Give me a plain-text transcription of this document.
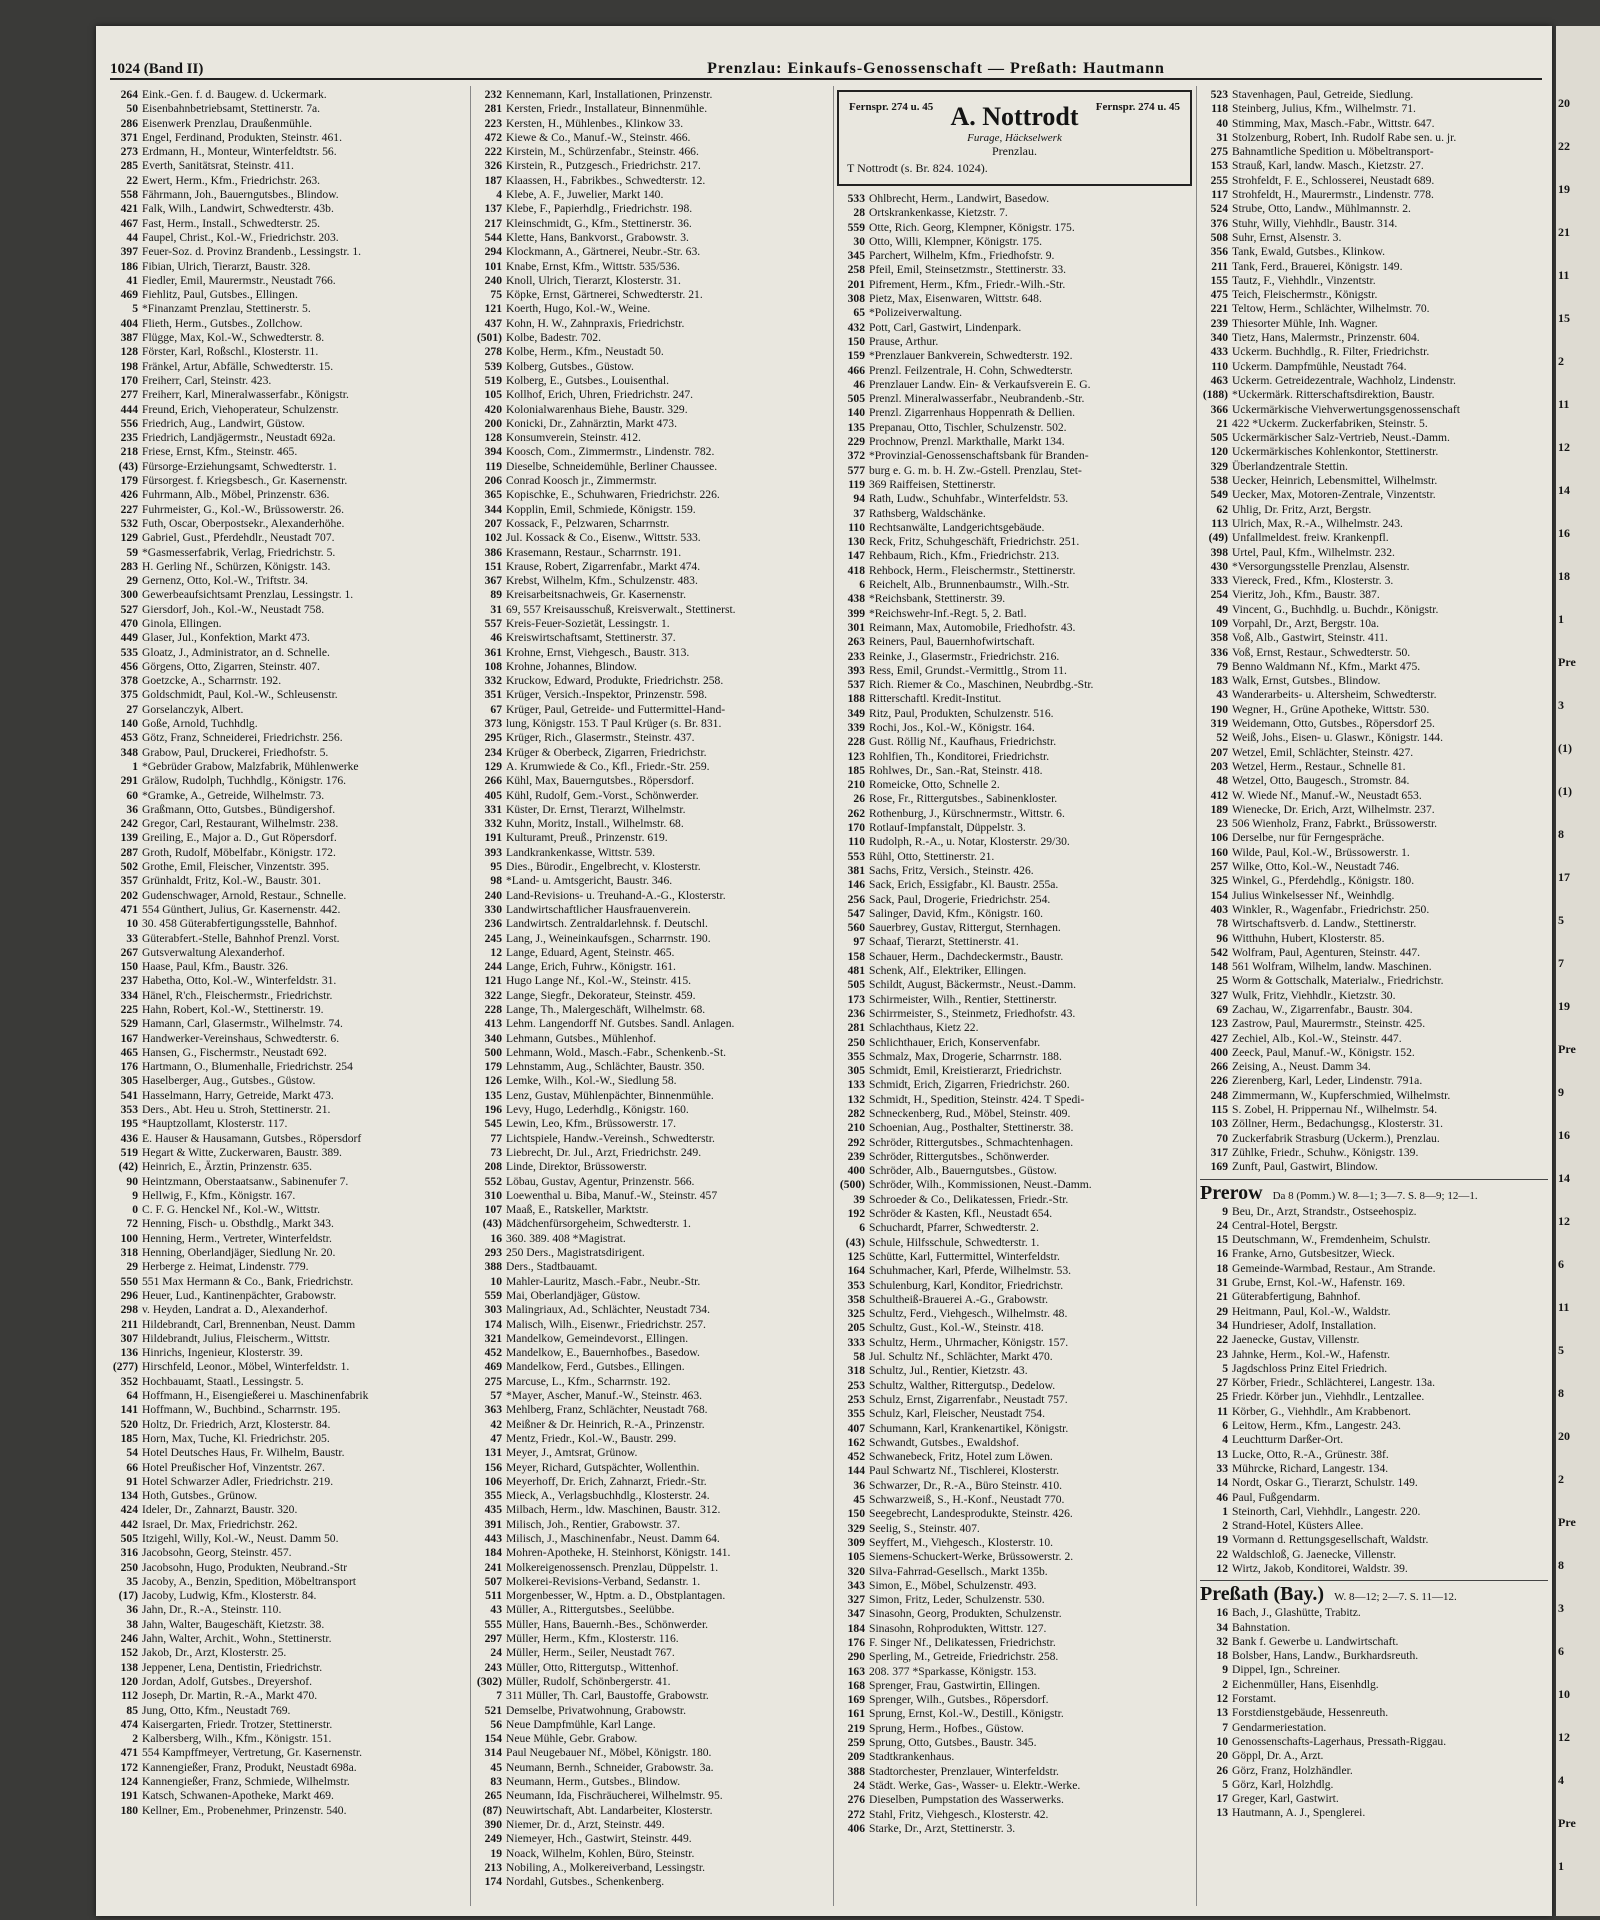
1024 (Band II)	Prenzlau: Einkaufs-Genossenschaft — Preßath: Hautmann
264 Eink.-Gen. f. d. Baugew. d. Uckermark.
50 Eisenbahnbetriebsamt, Stettinerstr. 7a.
286 Eisenwerk Prenzlau, Draußenmühle.
371 Engel, Ferdinand, Produkten, Steinstr. 461.
273 Erdmann, H., Monteur, Winterfeldtstr. 56.
285 Everth, Sanitätsrat, Steinstr. 411.
22 Ewert, Herm., Kfm., Friedrichstr. 263.
558 Fährmann, Joh., Bauerngutsbes., Blindow.
421 Falk, Wilh., Landwirt, Schwedterstr. 43b.
467 Fast, Herm., Install., Schwedterstr. 25.
44 Faupel, Christ., Kol.-W., Friedrichstr. 203.
397 Feuer-Soz. d. Provinz Brandenb., Lessingstr. 1.
186 Fibian, Ulrich, Tierarzt, Baustr. 328.
41 Fiedler, Emil, Maurermstr., Neustadt 766.
469 Fiehlitz, Paul, Gutsbes., Ellingen.
5 *Finanzamt Prenzlau, Stettinerstr. 5.
404 Flieth, Herm., Gutsbes., Zollchow.
387 Flügge, Max, Kol.-W., Schwedterstr. 8.
128 Förster, Karl, Roßschl., Klosterstr. 11.
198 Fränkel, Artur, Abfälle, Schwedterstr. 15.
170 Freiherr, Carl, Steinstr. 423.
277 Freiherr, Karl, Mineralwasserfabr., Königstr.
444 Freund, Erich, Viehoperateur, Schulzenstr.
556 Friedrich, Aug., Landwirt, Güstow.
235 Friedrich, Landjägermstr., Neustadt 692a.
218 Friese, Ernst, Kfm., Steinstr. 465.
(43) Fürsorge-Erziehungsamt, Schwedterstr. 1.
179 Fürsorgest. f. Kriegsbesch., Gr. Kasernenstr.
426 Fuhrmann, Alb., Möbel, Prinzenstr. 636.
227 Fuhrmeister, G., Kol.-W., Brüssowerstr. 26.
532 Futh, Oscar, Oberpostsekr., Alexanderhöhe.
129 Gabriel, Gust., Pferdehdlr., Neustadt 707.
59 *Gasmesserfabrik, Verlag, Friedrichstr. 5.
283 H. Gerling Nf., Schürzen, Königstr. 143.
29 Gernenz, Otto, Kol.-W., Triftstr. 34.
300 Gewerbeaufsichtsamt Prenzlau, Lessingstr. 1.
527 Giersdorf, Joh., Kol.-W., Neustadt 758.
470 Ginola, Ellingen.
449 Glaser, Jul., Konfektion, Markt 473.
535 Gloatz, J., Administrator, an d. Schnelle.
456 Görgens, Otto, Zigarren, Steinstr. 407.
378 Goetzcke, A., Scharrnstr. 192.
375 Goldschmidt, Paul, Kol.-W., Schleusenstr.
27 Gorselanczyk, Albert.
140 Goße, Arnold, Tuchhdlg.
453 Götz, Franz, Schneiderei, Friedrichstr. 256.
348 Grabow, Paul, Druckerei, Friedhofstr. 5.
1 *Gebrüder Grabow, Malzfabrik, Mühlenwerke
291 Grälow, Rudolph, Tuchhdlg., Königstr. 176.
60 *Gramke, A., Getreide, Wilhelmstr. 73.
36 Graßmann, Otto, Gutsbes., Bündigershof.
242 Gregor, Carl, Restaurant, Wilhelmstr. 238.
139 Greiling, E., Major a. D., Gut Röpersdorf.
287 Groth, Rudolf, Möbelfabr., Königstr. 172.
502 Grothe, Emil, Fleischer, Vinzentstr. 395.
357 Grünhaldt, Fritz, Kol.-W., Baustr. 301.
202 Gudenschwager, Arnold, Restaur., Schnelle.
471 554 Günthert, Julius, Gr. Kasernenstr. 442.
10 30. 458 Güterabfertigungsstelle, Bahnhof.
33 Güterabfert.-Stelle, Bahnhof Prenzl. Vorst.
267 Gutsverwaltung Alexanderhof.
150 Haase, Paul, Kfm., Baustr. 326.
237 Habetha, Otto, Kol.-W., Winterfeldstr. 31.
334 Hänel, R'ch., Fleischermstr., Friedrichstr.
225 Hahn, Robert, Kol.-W., Stettinerstr. 19.
529 Hamann, Carl, Glasermstr., Wilhelmstr. 74.
167 Handwerker-Vereinshaus, Schwedterstr. 6.
465 Hansen, G., Fischermstr., Neustadt 692.
176 Hartmann, O., Blumenhalle, Friedrichstr. 254
305 Haselberger, Aug., Gutsbes., Güstow.
541 Hasselmann, Harry, Getreide, Markt 473.
353 Ders., Abt. Heu u. Stroh, Stettinerstr. 21.
195 *Hauptzollamt, Klosterstr. 117.
436 E. Hauser & Hausamann, Gutsbes., Röpersdorf
519 Hegart & Witte, Zuckerwaren, Baustr. 389.
(42) Heinrich, E., Ärztin, Prinzenstr. 635.
90 Heintzmann, Oberstaatsanw., Sabinenufer 7.
9 Hellwig, F., Kfm., Königstr. 167.
0 C. F. G. Henckel Nf., Kol.-W., Wittstr.
72 Henning, Fisch- u. Obsthdlg., Markt 343.
100 Henning, Herm., Vertreter, Winterfeldstr.
318 Henning, Oberlandjäger, Siedlung Nr. 20.
29 Herberge z. Heimat, Lindenstr. 779.
550 551 Max Hermann & Co., Bank, Friedrichstr.
296 Heuer, Lud., Kantinenpächter, Grabowstr.
298 v. Heyden, Landrat a. D., Alexanderhof.
211 Hildebrandt, Carl, Brennenban, Neust. Damm
307 Hildebrandt, Julius, Fleischerm., Wittstr.
136 Hinrichs, Ingenieur, Klosterstr. 39.
(277) Hirschfeld, Leonor., Möbel, Winterfeldstr. 1.
352 Hochbauamt, Staatl., Lessingstr. 5.
64 Hoffmann, H., Eisengießerei u. Maschinenfabrik
141 Hoffmann, W., Buchbind., Scharrnstr. 195.
520 Holtz, Dr. Friedrich, Arzt, Klosterstr. 84.
185 Horn, Max, Tuche, Kl. Friedrichstr. 205.
54 Hotel Deutsches Haus, Fr. Wilhelm, Baustr.
66 Hotel Preußischer Hof, Vinzentstr. 267.
91 Hotel Schwarzer Adler, Friedrichstr. 219.
134 Hoth, Gutsbes., Grünow.
424 Ideler, Dr., Zahnarzt, Baustr. 320.
442 Israel, Dr. Max, Friedrichstr. 262.
505 Itzigehl, Willy, Kol.-W., Neust. Damm 50.
316 Jacobsohn, Georg, Steinstr. 457.
250 Jacobsohn, Hugo, Produkten, Neubrand.-Str
35 Jacoby, A., Benzin, Spedition, Möbeltransport
(17) Jacoby, Ludwig, Kfm., Klosterstr. 84.
36 Jahn, Dr., R.-A., Steinstr. 110.
38 Jahn, Walter, Baugeschäft, Kietzstr. 38.
246 Jahn, Walter, Archit., Wohn., Stettinerstr.
152 Jakob, Dr., Arzt, Klosterstr. 25.
138 Jeppener, Lena, Dentistin, Friedrichstr.
120 Jordan, Adolf, Gutsbes., Dreyershof.
112 Joseph, Dr. Martin, R.-A., Markt 470.
85 Jung, Otto, Kfm., Neustadt 769.
474 Kaisergarten, Friedr. Trotzer, Stettinerstr.
2 Kalbersberg, Wilh., Kfm., Königstr. 151.
471 554 Kampffmeyer, Vertretung, Gr. Kasernenstr.
172 Kannengießer, Franz, Produkt, Neustadt 698a.
124 Kannengießer, Franz, Schmiede, Wilhelmstr.
191 Katsch, Schwanen-Apotheke, Markt 469.
180 Kellner, Em., Probenehmer, Prinzenstr. 540.
232 Kennemann, Karl, Installationen, Prinzenstr.
281 Kersten, Friedr., Installateur, Binnenmühle.
223 Kersten, H., Mühlenbes., Klinkow 33.
472 Kiewe & Co., Manuf.-W., Steinstr. 466.
222 Kirstein, M., Schürzenfabr., Steinstr. 466.
326 Kirstein, R., Putzgesch., Friedrichstr. 217.
187 Klaassen, H., Fabrikbes., Schwedterstr. 12.
4 Klebe, A. F., Juwelier, Markt 140.
137 Klebe, F., Papierhdlg., Friedrichstr. 198.
217 Kleinschmidt, G., Kfm., Stettinerstr. 36.
544 Klette, Hans, Bankvorst., Grabowstr. 3.
294 Klockmann, A., Gärtnerei, Neubr.-Str. 63.
101 Knabe, Ernst, Kfm., Wittstr. 535/536.
240 Knoll, Ulrich, Tierarzt, Klosterstr. 31.
75 Köpke, Ernst, Gärtnerei, Schwedterstr. 21.
121 Koerth, Hugo, Kol.-W., Weine.
437 Kohn, H. W., Zahnpraxis, Friedrichstr.
(501) Kolbe, Badestr. 702.
278 Kolbe, Herm., Kfm., Neustadt 50.
539 Kolberg, Gutsbes., Güstow.
519 Kolberg, E., Gutsbes., Louisenthal.
105 Kollhof, Erich, Uhren, Friedrichstr. 247.
420 Kolonialwarenhaus Biehe, Baustr. 329.
200 Konicki, Dr., Zahnärztin, Markt 473.
128 Konsumverein, Steinstr. 412.
394 Koosch, Com., Zimmermstr., Lindenstr. 782.
119 Dieselbe, Schneidemühle, Berliner Chaussee.
206 Conrad Koosch jr., Zimmermstr.
365 Kopischke, E., Schuhwaren, Friedrichstr. 226.
344 Kopplin, Emil, Schmiede, Königstr. 159.
207 Kossack, F., Pelzwaren, Scharrnstr.
102 Jul. Kossack & Co., Eisenw., Wittstr. 533.
386 Krasemann, Restaur., Scharrnstr. 191.
151 Krause, Robert, Zigarrenfabr., Markt 474.
367 Krebst, Wilhelm, Kfm., Schulzenstr. 483.
89 Kreisarbeitsnachweis, Gr. Kasernenstr.
31 69, 557 Kreisausschuß, Kreisverwalt., Stettinerst.
557 Kreis-Feuer-Sozietät, Lessingstr. 1.
46 Kreiswirtschaftsamt, Stettinerstr. 37.
361 Krohne, Ernst, Viehgesch., Baustr. 313.
108 Krohne, Johannes, Blindow.
332 Kruckow, Edward, Produkte, Friedrichstr. 258.
351 Krüger, Versich.-Inspektor, Prinzenstr. 598.
67 Krüger, Paul, Getreide- und Futtermittel-Hand-
373 lung, Königstr. 153. T Paul Krüger (s. Br. 831.
295 Krüger, Rich., Glasermstr., Steinstr. 437.
234 Krüger & Oberbeck, Zigarren, Friedrichstr.
129 A. Krumwiede & Co., Kfl., Friedr.-Str. 259.
266 Kühl, Max, Bauerngutsbes., Röpersdorf.
405 Kühl, Rudolf, Gem.-Vorst., Schönwerder.
331 Küster, Dr. Ernst, Tierarzt, Wilhelmstr.
332 Kuhn, Moritz, Install., Wilhelmstr. 68.
191 Kulturamt, Preuß., Prinzenstr. 619.
393 Landkrankenkasse, Wittstr. 539.
95 Dies., Bürodir., Engelbrecht, v. Klosterstr.
98 *Land- u. Amtsgericht, Baustr. 346.
240 Land-Revisions- u. Treuhand-A.-G., Klosterstr.
330 Landwirtschaftlicher Hausfrauenverein.
236 Landwirtsch. Zentraldarlehnsk. f. Deutschl.
245 Lang, J., Weineinkaufsgen., Scharrnstr. 190.
12 Lange, Eduard, Agent, Steinstr. 465.
244 Lange, Erich, Fuhrw., Königstr. 161.
121 Hugo Lange Nf., Kol.-W., Steinstr. 415.
322 Lange, Siegfr., Dekorateur, Steinstr. 459.
228 Lange, Th., Malergeschäft, Wilhelmstr. 68.
413 Lehm. Langendorff Nf. Gutsbes. Sandl. Anlagen.
340 Lehmann, Gutsbes., Mühlenhof.
500 Lehmann, Wold., Masch.-Fabr., Schenkenb.-St.
179 Lehnstamm, Aug., Schlächter, Baustr. 350.
126 Lemke, Wilh., Kol.-W., Siedlung 58.
135 Lenz, Gustav, Mühlenpächter, Binnenmühle.
196 Levy, Hugo, Lederhdlg., Königstr. 160.
545 Lewin, Leo, Kfm., Brüssowerstr. 17.
77 Lichtspiele, Handw.-Vereinsh., Schwedterstr.
73 Liebrecht, Dr. Jul., Arzt, Friedrichstr. 249.
208 Linde, Direktor, Brüssowerstr.
552 Löbau, Gustav, Agentur, Prinzenstr. 566.
310 Loewenthal u. Biba, Manuf.-W., Steinstr. 457
107 Maaß, E., Ratskeller, Marktstr.
(43) Mädchenfürsorgeheim, Schwedterstr. 1.
16 360. 389. 408 *Magistrat.
293 250 Ders., Magistratsdirigent.
388 Ders., Stadtbauamt.
10 Mahler-Lauritz, Masch.-Fabr., Neubr.-Str.
559 Mai, Oberlandjäger, Güstow.
303 Malingriaux, Ad., Schlächter, Neustadt 734.
174 Malisch, Wilh., Eisenwr., Friedrichstr. 257.
321 Mandelkow, Gemeindevorst., Ellingen.
452 Mandelkow, E., Bauernhofbes., Basedow.
469 Mandelkow, Ferd., Gutsbes., Ellingen.
275 Marcuse, L., Kfm., Scharrnstr. 192.
57 *Mayer, Ascher, Manuf.-W., Steinstr. 463.
363 Mehlberg, Franz, Schlächter, Neustadt 768.
42 Meißner & Dr. Heinrich, R.-A., Prinzenstr.
47 Mentz, Friedr., Kol.-W., Baustr. 299.
131 Meyer, J., Amtsrat, Grünow.
156 Meyer, Richard, Gutspächter, Wollenthin.
106 Meyerhoff, Dr. Erich, Zahnarzt, Friedr.-Str.
355 Mieck, A., Verlagsbuchhdlg., Klosterstr. 24.
435 Milbach, Herm., ldw. Maschinen, Baustr. 312.
391 Milisch, Joh., Rentier, Grabowstr. 37.
443 Milisch, J., Maschinenfabr., Neust. Damm 64.
184 Mohren-Apotheke, H. Steinhorst, Königstr. 141.
241 Molkereigenossensch. Prenzlau, Düppelstr. 1.
507 Molkerei-Revisions-Verband, Sedanstr. 1.
511 Morgenbesser, W., Hptm. a. D., Obstplantagen.
43 Müller, A., Rittergutsbes., Seelübbe.
555 Müller, Hans, Bauernh.-Bes., Schönwerder.
297 Müller, Herm., Kfm., Klosterstr. 116.
24 Müller, Herm., Seiler, Neustadt 767.
243 Müller, Otto, Rittergutsp., Wittenhof.
(302) Müller, Rudolf, Schönbergerstr. 41.
7 311 Müller, Th. Carl, Baustoffe, Grabowstr.
521 Demselbe, Privatwohnung, Grabowstr.
56 Neue Dampfmühle, Karl Lange.
154 Neue Mühle, Gebr. Grabow.
314 Paul Neugebauer Nf., Möbel, Königstr. 180.
45 Neumann, Bernh., Schneider, Grabowstr. 3a.
83 Neumann, Herm., Gutsbes., Blindow.
265 Neumann, Ida, Fischräucherei, Wilhelmstr. 95.
(87) Neuwirtschaft, Abt. Landarbeiter, Klosterstr.
390 Niemer, Dr. d., Arzt, Steinstr. 449.
249 Niemeyer, Hch., Gastwirt, Steinstr. 449.
19 Noack, Wilhelm, Kohlen, Büro, Steinstr.
213 Nobiling, A., Molkereiverband, Lessingstr.
174 Nordahl, Gutsbes., Schenkenberg.
Fernspr. 274 u. 45	Fernspr. 274 u. 45
A. Nottrodt
Furage, Häckselwerk
Prenzlau.
T Nottrodt (s. Br. 824. 1024).
533 Ohlbrecht, Herm., Landwirt, Basedow.
28 Ortskrankenkasse, Kietzstr. 7.
559 Otte, Rich. Georg, Klempner, Königstr. 175.
30 Otto, Willi, Klempner, Königstr. 175.
345 Parchert, Wilhelm, Kfm., Friedhofstr. 9.
258 Pfeil, Emil, Steinsetzmstr., Stettinerstr. 33.
201 Pifrement, Herm., Kfm., Friedr.-Wilh.-Str.
308 Pietz, Max, Eisenwaren, Wittstr. 648.
65 *Polizeiverwaltung.
432 Pott, Carl, Gastwirt, Lindenpark.
150 Prause, Arthur.
159 *Prenzlauer Bankverein, Schwedterstr. 192.
466 Prenzl. Feilzentrale, H. Cohn, Schwedterstr.
46 Prenzlauer Landw. Ein- & Verkaufsverein E. G.
505 Prenzl. Mineralwasserfabr., Neubrandenb.-Str.
140 Prenzl. Zigarrenhaus Hoppenrath & Dellien.
135 Prepanau, Otto, Tischler, Schulzenstr. 502.
229 Prochnow, Prenzl. Markthalle, Markt 134.
372 *Provinzial-Genossenschaftsbank für Branden-
577 burg e. G. m. b. H. Zw.-Gstell. Prenzlau, Stet-
119 369 Raiffeisen, Stettinerstr.
94 Rath, Ludw., Schuhfabr., Winterfeldstr. 53.
37 Rathsberg, Waldschänke.
110 Rechtsanwälte, Landgerichtsgebäude.
130 Reck, Fritz, Schuhgeschäft, Friedrichstr. 251.
147 Rehbaum, Rich., Kfm., Friedrichstr. 213.
418 Rehbock, Herm., Fleischermstr., Stettinerstr.
6 Reichelt, Alb., Brunnenbaumstr., Wilh.-Str.
438 *Reichsbank, Stettinerstr. 39.
399 *Reichswehr-Inf.-Regt. 5, 2. Batl.
301 Reimann, Max, Automobile, Friedhofstr. 43.
263 Reiners, Paul, Bauernhofwirtschaft.
233 Reinke, J., Glasermstr., Friedrichstr. 216.
393 Ress, Emil, Grundst.-Vermittlg., Strom 11.
537 Rich. Riemer & Co., Maschinen, Neubrdbg.-Str.
188 Ritterschaftl. Kredit-Institut.
349 Ritz, Paul, Produkten, Schulzenstr. 516.
339 Rochi, Jos., Kol.-W., Königstr. 164.
228 Gust. Röllig Nf., Kaufhaus, Friedrichstr.
123 Rohlfien, Th., Konditorei, Friedrichstr.
185 Rohlwes, Dr., San.-Rat, Steinstr. 418.
210 Romeicke, Otto, Schnelle 2.
26 Rose, Fr., Rittergutsbes., Sabinenkloster.
262 Rothenburg, J., Kürschnermstr., Wittstr. 6.
170 Rotlauf-Impfanstalt, Düppelstr. 3.
110 Rudolph, R.-A., u. Notar, Klosterstr. 29/30.
553 Rühl, Otto, Stettinerstr. 21.
381 Sachs, Fritz, Versich., Steinstr. 426.
146 Sack, Erich, Essigfabr., Kl. Baustr. 255a.
256 Sack, Paul, Drogerie, Friedrichstr. 254.
547 Salinger, David, Kfm., Königstr. 160.
560 Sauerbrey, Gustav, Rittergut, Sternhagen.
97 Schaaf, Tierarzt, Stettinerstr. 41.
158 Schauer, Herm., Dachdeckermstr., Baustr.
481 Schenk, Alf., Elektriker, Ellingen.
505 Schildt, August, Bäckermstr., Neust.-Damm.
173 Schirmeister, Wilh., Rentier, Stettinerstr.
236 Schirrmeister, S., Steinmetz, Friedhofstr. 43.
281 Schlachthaus, Kietz 22.
250 Schlichthauer, Erich, Konservenfabr.
355 Schmalz, Max, Drogerie, Scharrnstr. 188.
305 Schmidt, Emil, Kreistierarzt, Friedrichstr.
133 Schmidt, Erich, Zigarren, Friedrichstr. 260.
132 Schmidt, H., Spedition, Steinstr. 424. T Spedi-
282 Schneckenberg, Rud., Möbel, Steinstr. 409.
210 Schoenian, Aug., Posthalter, Stettinerstr. 38.
292 Schröder, Rittergutsbes., Schmachtenhagen.
239 Schröder, Rittergutsbes., Schönwerder.
400 Schröder, Alb., Bauerngutsbes., Güstow.
(500) Schröder, Wilh., Kommissionen, Neust.-Damm.
39 Schroeder & Co., Delikatessen, Friedr.-Str.
192 Schröder & Kasten, Kfl., Neustadt 654.
6 Schuchardt, Pfarrer, Schwedterstr. 2.
(43) Schule, Hilfsschule, Schwedterstr. 1.
125 Schütte, Karl, Futtermittel, Winterfeldstr.
164 Schuhmacher, Karl, Pferde, Wilhelmstr. 53.
353 Schulenburg, Karl, Konditor, Friedrichstr.
358 Schultheiß-Brauerei A.-G., Grabowstr.
325 Schultz, Ferd., Viehgesch., Wilhelmstr. 48.
205 Schultz, Gust., Kol.-W., Steinstr. 418.
333 Schultz, Herm., Uhrmacher, Königstr. 157.
58 Jul. Schultz Nf., Schlächter, Markt 470.
318 Schultz, Jul., Rentier, Kietzstr. 43.
253 Schultz, Walther, Rittergutsp., Dedelow.
253 Schulz, Ernst, Zigarrenfabr., Neustadt 757.
355 Schulz, Karl, Fleischer, Neustadt 754.
407 Schumann, Karl, Krankenartikel, Königstr.
162 Schwandt, Gutsbes., Ewaldshof.
452 Schwanebeck, Fritz, Hotel zum Löwen.
144 Paul Schwartz Nf., Tischlerei, Klosterstr.
36 Schwarzer, Dr., R.-A., Büro Steinstr. 410.
45 Schwarzweiß, S., H.-Konf., Neustadt 770.
150 Seegebrecht, Landesprodukte, Steinstr. 426.
329 Seelig, S., Steinstr. 407.
309 Seyffert, M., Viehgesch., Klosterstr. 10.
105 Siemens-Schuckert-Werke, Brüssowerstr. 2.
320 Silva-Fahrrad-Gesellsch., Markt 135b.
343 Simon, E., Möbel, Schulzenstr. 493.
327 Simon, Fritz, Leder, Schulzenstr. 530.
347 Sinasohn, Georg, Produkten, Schulzenstr.
184 Sinasohn, Rohprodukten, Wittstr. 127.
176 F. Singer Nf., Delikatessen, Friedrichstr.
290 Sperling, M., Getreide, Friedrichstr. 258.
163 208. 377 *Sparkasse, Königstr. 153.
168 Sprenger, Frau, Gastwirtin, Ellingen.
169 Sprenger, Wilh., Gutsbes., Röpersdorf.
161 Sprung, Ernst, Kol.-W., Destill., Königstr.
219 Sprung, Herm., Hofbes., Güstow.
259 Sprung, Otto, Gutsbes., Baustr. 345.
209 Stadtkrankenhaus.
388 Stadtorchester, Prenzlauer, Winterfeldstr.
24 Städt. Werke, Gas-, Wasser- u. Elektr.-Werke.
276 Dieselben, Pumpstation des Wasserwerks.
272 Stahl, Fritz, Viehgesch., Klosterstr. 42.
406 Starke, Dr., Arzt, Stettinerstr. 3.
523 Stavenhagen, Paul, Getreide, Siedlung.
118 Steinberg, Julius, Kfm., Wilhelmstr. 71.
40 Stimming, Max, Masch.-Fabr., Wittstr. 647.
31 Stolzenburg, Robert, Inh. Rudolf Rabe sen. u. jr.
275 Bahnamtliche Spedition u. Möbeltransport-
153 Strauß, Karl, landw. Masch., Kietzstr. 27.
255 Strohfeldt, F. E., Schlosserei, Neustadt 689.
117 Strohfeldt, H., Maurermstr., Lindenstr. 778.
524 Strube, Otto, Landw., Mühlmannstr. 2.
376 Stuhr, Willy, Viehhdlr., Baustr. 314.
508 Suhr, Ernst, Alsenstr. 3.
356 Tank, Ewald, Gutsbes., Klinkow.
211 Tank, Ferd., Brauerei, Königstr. 149.
155 Tautz, F., Viehhdlr., Vinzentstr.
475 Teich, Fleischermstr., Königstr.
221 Teltow, Herm., Schlächter, Wilhelmstr. 70.
239 Thiesorter Mühle, Inh. Wagner.
340 Tietz, Hans, Malermstr., Prinzenstr. 604.
433 Uckerm. Buchhdlg., R. Filter, Friedrichstr.
110 Uckerm. Dampfmühle, Neustadt 764.
463 Uckerm. Getreidezentrale, Wachholz, Lindenstr.
(188) *Uckermärk. Ritterschaftsdirektion, Baustr.
366 Uckermärkische Viehverwertungsgenossenschaft
21 422 *Uckerm. Zuckerfabriken, Steinstr. 5.
505 Uckermärkischer Salz-Vertrieb, Neust.-Damm.
120 Uckermärkisches Kohlenkontor, Stettinerstr.
329 Überlandzentrale Stettin.
538 Uecker, Heinrich, Lebensmittel, Wilhelmstr.
549 Uecker, Max, Motoren-Zentrale, Vinzentstr.
62 Uhlig, Dr. Fritz, Arzt, Bergstr.
113 Ulrich, Max, R.-A., Wilhelmstr. 243.
(49) Unfallmeldest. freiw. Krankenpfl.
398 Urtel, Paul, Kfm., Wilhelmstr. 232.
430 *Versorgungsstelle Prenzlau, Alsenstr.
333 Viereck, Fred., Kfm., Klosterstr. 3.
254 Vieritz, Joh., Kfm., Baustr. 387.
49 Vincent, G., Buchhdlg. u. Buchdr., Königstr.
109 Vorpahl, Dr., Arzt, Bergstr. 10a.
358 Voß, Alb., Gastwirt, Steinstr. 411.
336 Voß, Ernst, Restaur., Schwedterstr. 50.
79 Benno Waldmann Nf., Kfm., Markt 475.
183 Walk, Ernst, Gutsbes., Blindow.
43 Wanderarbeits- u. Altersheim, Schwedterstr.
190 Wegner, H., Grüne Apotheke, Wittstr. 530.
319 Weidemann, Otto, Gutsbes., Röpersdorf 25.
52 Weiß, Johs., Eisen- u. Glaswr., Königstr. 144.
207 Wetzel, Emil, Schlächter, Steinstr. 427.
203 Wetzel, Herm., Restaur., Schnelle 81.
48 Wetzel, Otto, Baugesch., Stromstr. 84.
412 W. Wiede Nf., Manuf.-W., Neustadt 653.
189 Wienecke, Dr. Erich, Arzt, Wilhelmstr. 237.
23 506 Wienholz, Franz, Fabrkt., Brüssowerstr.
106 Derselbe, nur für Ferngespräche.
160 Wilde, Paul, Kol.-W., Brüssowerstr. 1.
257 Wilke, Otto, Kol.-W., Neustadt 746.
325 Winkel, G., Pferdehdlg., Königstr. 180.
154 Julius Winkelsesser Nf., Weinhdlg.
403 Winkler, R., Wagenfabr., Friedrichstr. 250.
78 Wirtschaftsverb. d. Landw., Stettinerstr.
96 Witthuhn, Hubert, Klosterstr. 85.
542 Wolfram, Paul, Agenturen, Steinstr. 447.
148 561 Wolfram, Wilhelm, landw. Maschinen.
25 Worm & Gottschalk, Materialw., Friedrichstr.
327 Wulk, Fritz, Viehhdlr., Kietzstr. 30.
69 Zachau, W., Zigarrenfabr., Baustr. 304.
123 Zastrow, Paul, Maurermstr., Steinstr. 425.
427 Zechiel, Alb., Kol.-W., Steinstr. 447.
400 Zeeck, Paul, Manuf.-W., Königstr. 152.
266 Zeising, A., Neust. Damm 34.
226 Zierenberg, Karl, Leder, Lindenstr. 791a.
248 Zimmermann, W., Kupferschmied, Wilhelmstr.
115 S. Zobel, H. Prippernau Nf., Wilhelmstr. 54.
103 Zöllner, Herm., Bedachungsg., Klosterstr. 31.
70 Zuckerfabrik Strasburg (Uckerm.), Prenzlau.
317 Zühlke, Friedr., Schuhw., Königstr. 139.
169 Zunft, Paul, Gastwirt, Blindow.
Prerow Da 8 (Pomm.) W. 8—1; 3—7. S. 8—9; 12—1.
9 Beu, Dr., Arzt, Strandstr., Ostseehospiz.
24 Central-Hotel, Bergstr.
15 Deutschmann, W., Fremdenheim, Schulstr.
16 Franke, Arno, Gutsbesitzer, Wieck.
18 Gemeinde-Warmbad, Restaur., Am Strande.
31 Grube, Ernst, Kol.-W., Hafenstr. 169.
21 Güterabfertigung, Bahnhof.
29 Heitmann, Paul, Kol.-W., Waldstr.
34 Hundrieser, Adolf, Installation.
22 Jaenecke, Gustav, Villenstr.
23 Jahnke, Herm., Kol.-W., Hafenstr.
5 Jagdschloss Prinz Eitel Friedrich.
27 Körber, Friedr., Schlächterei, Langestr. 13a.
25 Friedr. Körber jun., Viehhdlr., Lentzallee.
11 Körber, G., Viehhdlr., Am Krabbenort.
6 Leitow, Herm., Kfm., Langestr. 243.
4 Leuchtturm Darßer-Ort.
13 Lucke, Otto, R.-A., Grünestr. 38f.
33 Mührcke, Richard, Langestr. 134.
14 Nordt, Oskar G., Tierarzt, Schulstr. 149.
46 Paul, Fußgendarm.
1 Steinorth, Carl, Viehhdlr., Langestr. 220.
2 Strand-Hotel, Küsters Allee.
19 Vormann d. Rettungsgesellschaft, Waldstr.
22 Waldschloß, G. Jaenecke, Villenstr.
12 Wirtz, Jakob, Konditorei, Waldstr. 39.
Preßath (Bay.) W. 8—12; 2—7. S. 11—12.
16 Bach, J., Glashütte, Trabitz.
34 Bahnstation.
32 Bank f. Gewerbe u. Landwirtschaft.
18 Bolsber, Hans, Landw., Burkhardsreuth.
9 Dippel, Ign., Schreiner.
2 Eichenmüller, Hans, Eisenhdlg.
12 Forstamt.
13 Forstdienstgebäude, Hessenreuth.
7 Gendarmeriestation.
10 Genossenschafts-Lagerhaus, Pressath-Riggau.
20 Göppl, Dr. A., Arzt.
26 Görz, Franz, Holzhändler.
5 Görz, Karl, Holzhdlg.
17 Greger, Karl, Gastwirt.
13 Hautmann, A. J., Spenglerei.
20
22
19
21
11
15
2
11
12
14
16
18
1
Pre
3
(1)
(1)
8
17
5
7
19
Pre
9
16
14
12
6
11
5
8
20
2
Pre
8
3
6
10
12
4
Pre
1
